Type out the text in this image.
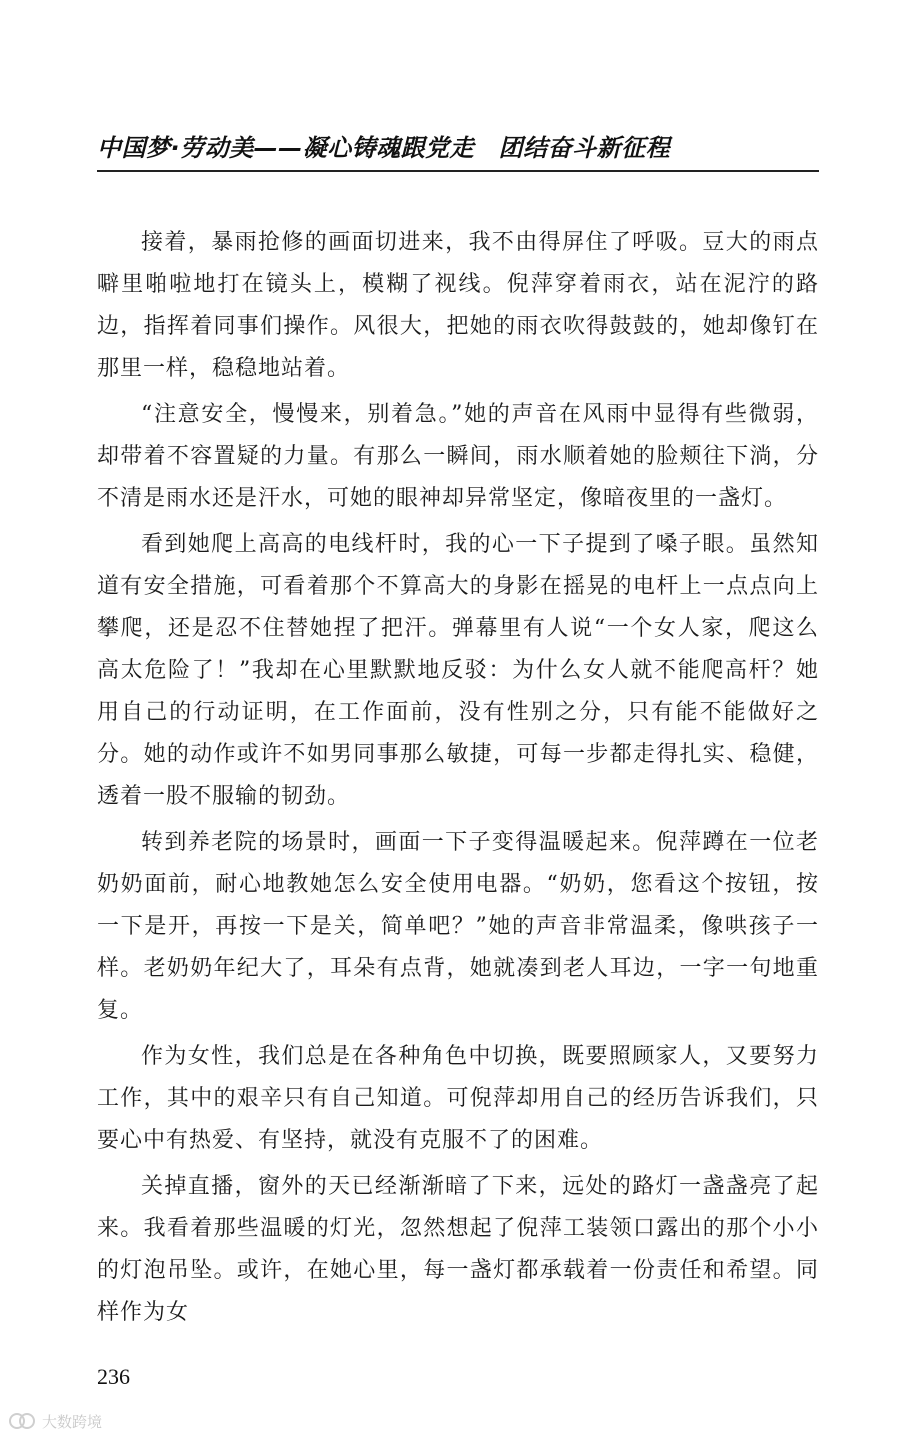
中国梦·劳动美——凝心铸魂跟党走　团结奋斗新征程

接着，暴雨抢修的画面切进来，我不由得屏住了呼吸。豆大的雨点噼里啪啦地打在镜头上，模糊了视线。倪萍穿着雨衣，站在泥泞的路边，指挥着同事们操作。风很大，把她的雨衣吹得鼓鼓的，她却像钉在那里一样，稳稳地站着。

“注意安全，慢慢来，别着急。”她的声音在风雨中显得有些微弱，却带着不容置疑的力量。有那么一瞬间，雨水顺着她的脸颊往下淌，分不清是雨水还是汗水，可她的眼神却异常坚定，像暗夜里的一盏灯。

看到她爬上高高的电线杆时，我的心一下子提到了嗓子眼。虽然知道有安全措施，可看着那个不算高大的身影在摇晃的电杆上一点点向上攀爬，还是忍不住替她捏了把汗。弹幕里有人说“一个女人家，爬这么高太危险了！”我却在心里默默地反驳：为什么女人就不能爬高杆？她用自己的行动证明，在工作面前，没有性别之分，只有能不能做好之分。她的动作或许不如男同事那么敏捷，可每一步都走得扎实、稳健，透着一股不服输的韧劲。

转到养老院的场景时，画面一下子变得温暖起来。倪萍蹲在一位老奶奶面前，耐心地教她怎么安全使用电器。“奶奶，您看这个按钮，按一下是开，再按一下是关，简单吧？”她的声音非常温柔，像哄孩子一样。老奶奶年纪大了，耳朵有点背，她就凑到老人耳边，一字一句地重复。

作为女性，我们总是在各种角色中切换，既要照顾家人，又要努力工作，其中的艰辛只有自己知道。可倪萍却用自己的经历告诉我们，只要心中有热爱、有坚持，就没有克服不了的困难。

关掉直播，窗外的天已经渐渐暗了下来，远处的路灯一盏盏亮了起来。我看着那些温暖的灯光，忽然想起了倪萍工装领口露出的那个小小的灯泡吊坠。或许，在她心里，每一盏灯都承载着一份责任和希望。同样作为女

236
大数跨境
